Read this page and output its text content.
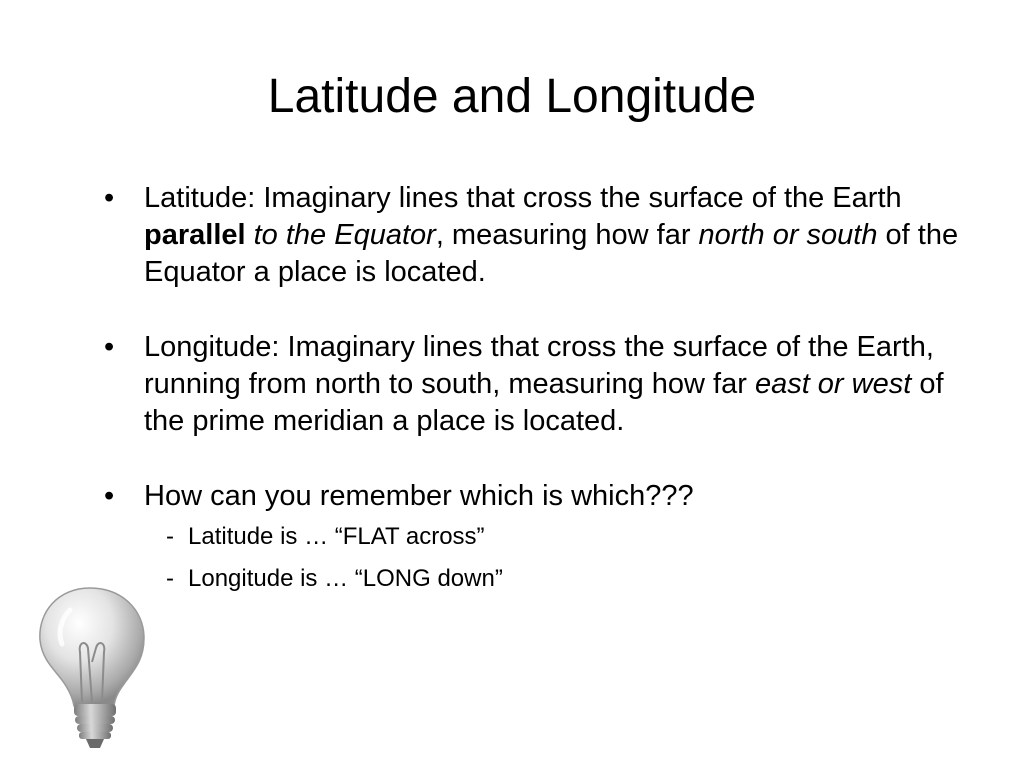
Latitude and Longitude

• Latitude: Imaginary lines that cross the surface of the Earth parallel to the Equator, measuring how far north or south of the Equator a place is located.

• Longitude: Imaginary lines that cross the surface of the Earth, running from north to south, measuring how far east or west of the prime meridian a place is located.

• How can you remember which is which???

- Latitude is … “FLAT across”

- Longitude is … “LONG down”
